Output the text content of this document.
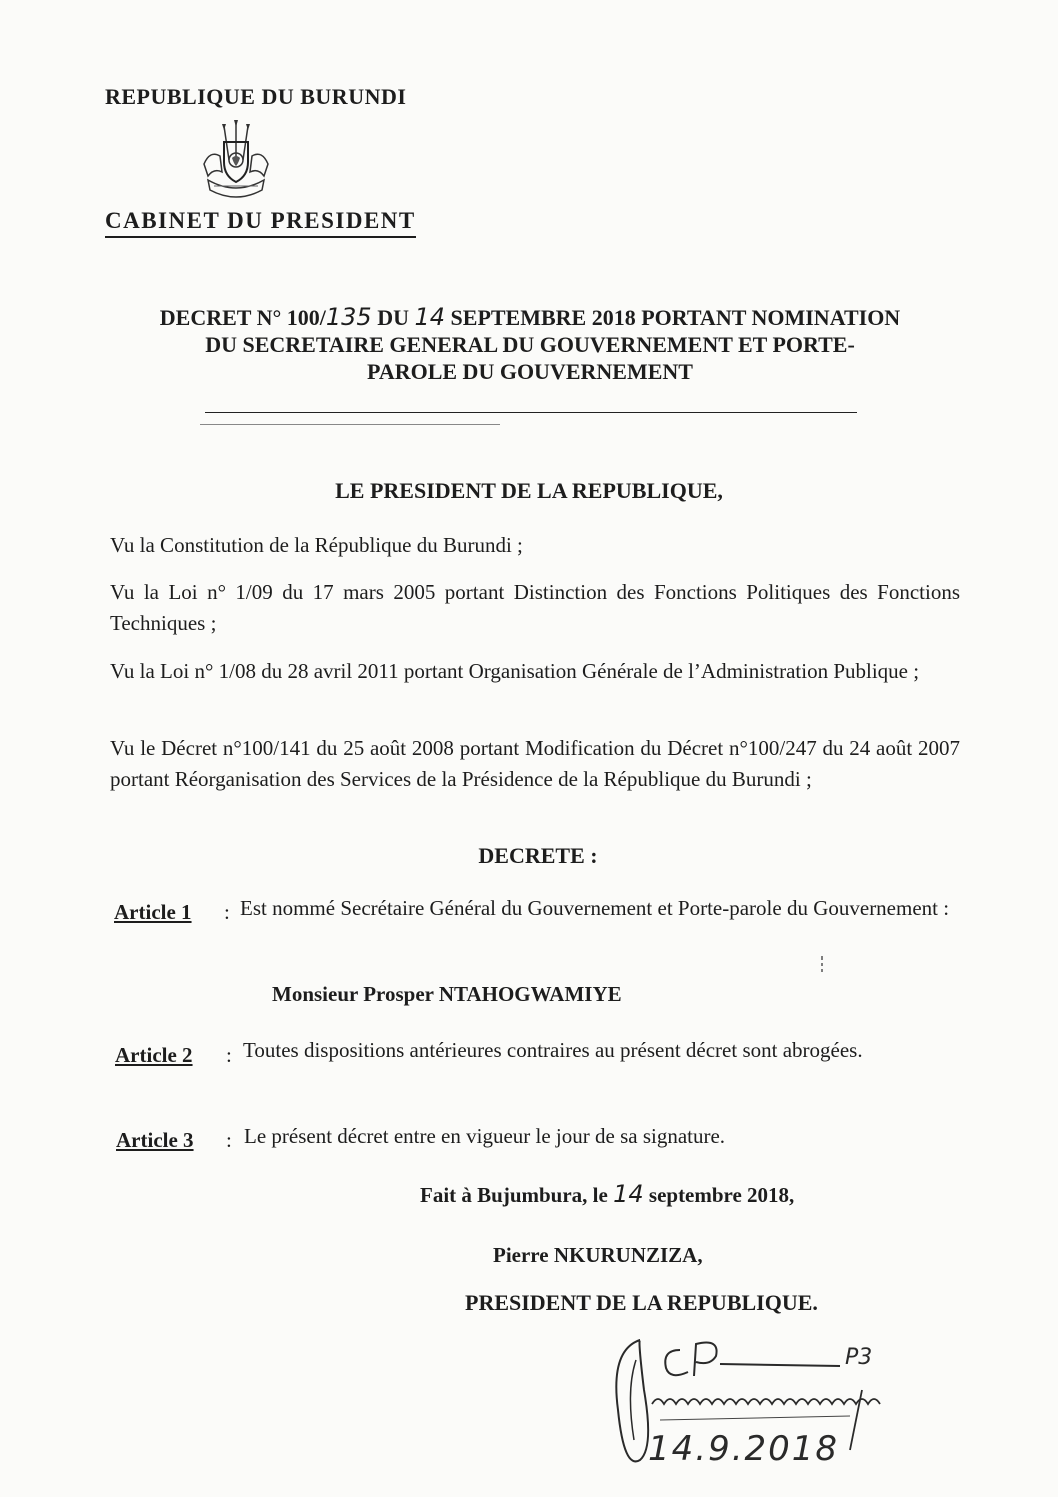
REPUBLIQUE DU BURUNDI
CABINET DU PRESIDENT
DECRET N° 100/135 DU 14 SEPTEMBRE 2018 PORTANT NOMINATION
DU SECRETAIRE GENERAL DU GOUVERNEMENT ET PORTE-
PAROLE DU GOUVERNEMENT
LE PRESIDENT DE LA REPUBLIQUE,
Vu la Constitution de la République du Burundi ;
Vu la Loi n° 1/09 du 17 mars 2005 portant Distinction des Fonctions Politiques des Fonctions Techniques ;
Vu la Loi n° 1/08 du 28 avril 2011 portant Organisation Générale de l’Administration Publique ;
Vu le Décret n°100/141 du 25 août 2008 portant Modification du Décret n°100/247 du 24 août 2007 portant Réorganisation des Services de la Présidence de la République du Burundi ;
DECRETE :
Article 1 : Est nommé Secrétaire Général du Gouvernement et Porte-parole du Gouvernement :
Monsieur Prosper NTAHOGWAMIYE
Article 2 : Toutes dispositions antérieures contraires au présent décret sont abrogées.
Article 3 : Le présent décret entre en vigueur le jour de sa signature.
Fait à Bujumbura, le 14 septembre 2018,
Pierre NKURUNZIZA,
PRESIDENT DE LA REPUBLIQUE.
P3
14.9.2018
